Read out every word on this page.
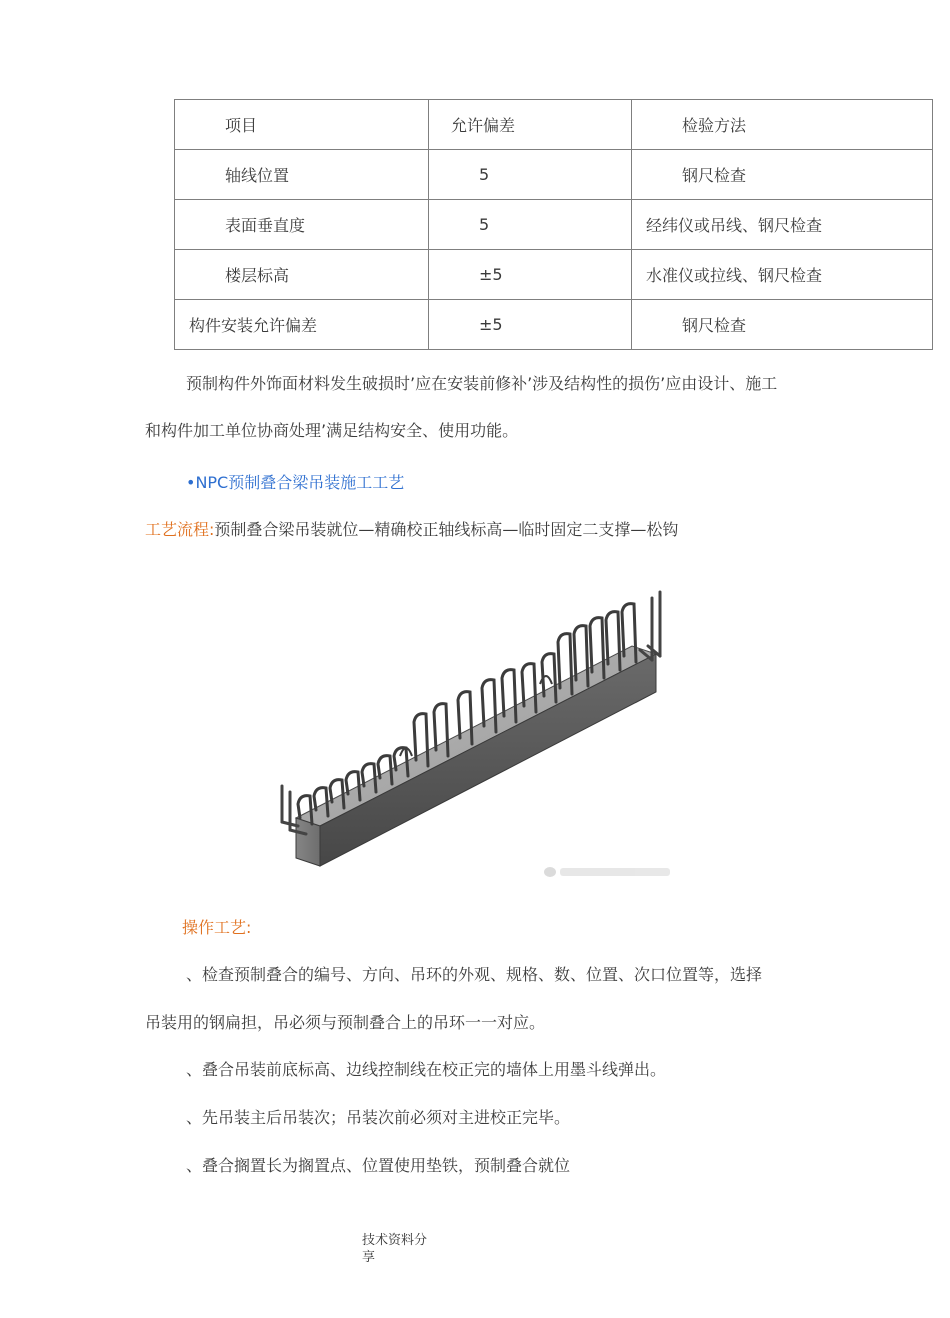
项目	允许偏差	检验方法
轴线位置	5	钢尺检查
表面垂直度	5	经纬仪或吊线、钢尺检查
楼层标高	±5	水准仪或拉线、钢尺检查
构件安装允许偏差	±5	钢尺检查
预制构件外饰面材料发生破损时’应在安装前修补’涉及结构性的损伤’应由设计、施工
和构件加工单位协商处理’满足结构安全、使用功能。
•NPC预制叠合梁吊装施工工艺
工艺流程:预制叠合梁吊装就位—精确校正轴线标高—临时固定二支撑—松钩
操作工艺:
、检查预制叠合的编号、方向、吊环的外观、规格、数、位置、次口位置等，选择
吊装用的钢扁担，吊必须与预制叠合上的吊环一一对应。
、叠合吊装前底标高、边线控制线在校正完的墙体上用墨斗线弹出。
、先吊装主后吊装次；吊装次前必须对主进校正完毕。
、叠合搁置长为搁置点、位置使用垫铁，预制叠合就位
技术资料分
享
